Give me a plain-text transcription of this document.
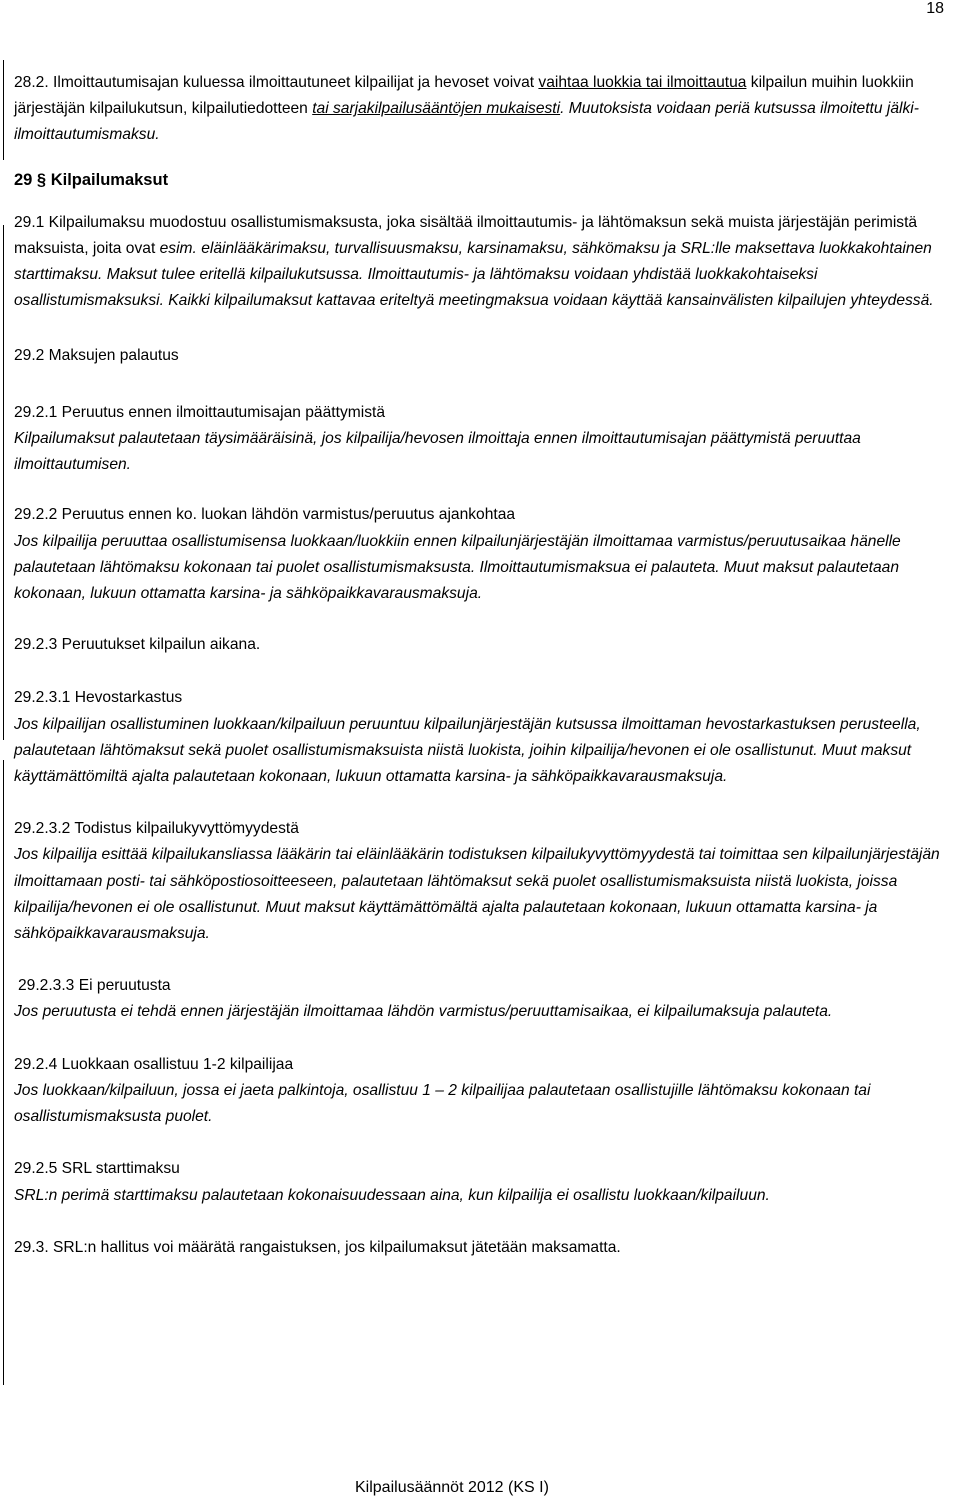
18

28.2. Ilmoittautumisajan kuluessa ilmoittautuneet kilpailijat ja hevoset voivat vaihtaa luokkia tai ilmoittautua kilpailun muihin luokkiin järjestäjän kilpailukutsun, kilpailutiedotteen tai sarjakilpailusääntöjen mukaisesti. Muutoksista voidaan periä kutsussa ilmoitettu jälki-ilmoittautumismaksu.

29 § Kilpailumaksut

29.1 Kilpailumaksu muodostuu osallistumismaksusta, joka sisältää ilmoittautumis- ja lähtömaksun sekä muista järjestäjän perimistä maksuista, joita ovat esim. eläinlääkärimaksu, turvallisuusmaksu, karsinamaksu, sähkömaksu ja SRL:lle maksettava luokkakohtainen starttimaksu. Maksut tulee eritellä kilpailukutsussa. Ilmoittautumis- ja lähtömaksu voidaan yhdistää luokkakohtaiseksi osallistumismaksuksi. Kaikki kilpailumaksut kattavaa eriteltyä meetingmaksua voidaan käyttää kansainvälisten kilpailujen yhteydessä.

29.2 Maksujen palautus

29.2.1 Peruutus ennen ilmoittautumisajan päättymistä

Kilpailumaksut palautetaan täysimääräisinä, jos kilpailija/hevosen ilmoittaja ennen ilmoittautumisajan päättymistä peruuttaa ilmoittautumisen.

29.2.2 Peruutus ennen ko. luokan lähdön varmistus/peruutus ajankohtaa

Jos kilpailija peruuttaa osallistumisensa luokkaan/luokkiin ennen kilpailunjärjestäjän ilmoittamaa varmistus/peruutusaikaa hänelle palautetaan lähtömaksu kokonaan tai puolet osallistumismaksusta. Ilmoittautumismaksua ei palauteta. Muut maksut palautetaan kokonaan, lukuun ottamatta karsina- ja sähköpaikkavarausmaksuja.

29.2.3 Peruutukset kilpailun aikana.

29.2.3.1 Hevostarkastus

Jos kilpailijan osallistuminen luokkaan/kilpailuun peruuntuu kilpailunjärjestäjän kutsussa ilmoittaman hevostarkastuksen perusteella, palautetaan lähtömaksut sekä puolet osallistumismaksuista niistä luokista, joihin kilpailija/hevonen ei ole osallistunut. Muut maksut käyttämättömiltä ajalta palautetaan kokonaan, lukuun ottamatta karsina- ja sähköpaikkavarausmaksuja.

29.2.3.2 Todistus kilpailukyvyttömyydestä

Jos kilpailija esittää kilpailukansliassa lääkärin tai eläinlääkärin todistuksen kilpailukyvyttömyydestä tai toimittaa sen kilpailunjärjestäjän ilmoittamaan posti- tai sähköpostiosoitteeseen, palautetaan lähtömaksut sekä puolet osallistumismaksuista niistä luokista, joissa kilpailija/hevonen ei ole osallistunut. Muut maksut käyttämättömältä ajalta palautetaan kokonaan, lukuun ottamatta karsina- ja sähköpaikkavarausmaksuja.

29.2.3.3 Ei peruutusta

Jos peruutusta ei tehdä ennen järjestäjän ilmoittamaa lähdön varmistus/peruuttamisaikaa, ei kilpailumaksuja palauteta.

29.2.4 Luokkaan osallistuu 1-2 kilpailijaa

Jos luokkaan/kilpailuun, jossa ei jaeta palkintoja, osallistuu 1 – 2 kilpailijaa palautetaan osallistujille lähtömaksu kokonaan tai osallistumismaksusta puolet.

29.2.5 SRL starttimaksu

SRL:n perimä starttimaksu palautetaan kokonaisuudessaan aina, kun kilpailija ei osallistu luokkaan/kilpailuun.

29.3. SRL:n hallitus voi määrätä rangaistuksen, jos kilpailumaksut jätetään maksamatta.

Kilpailusäännöt 2012 (KS I)
